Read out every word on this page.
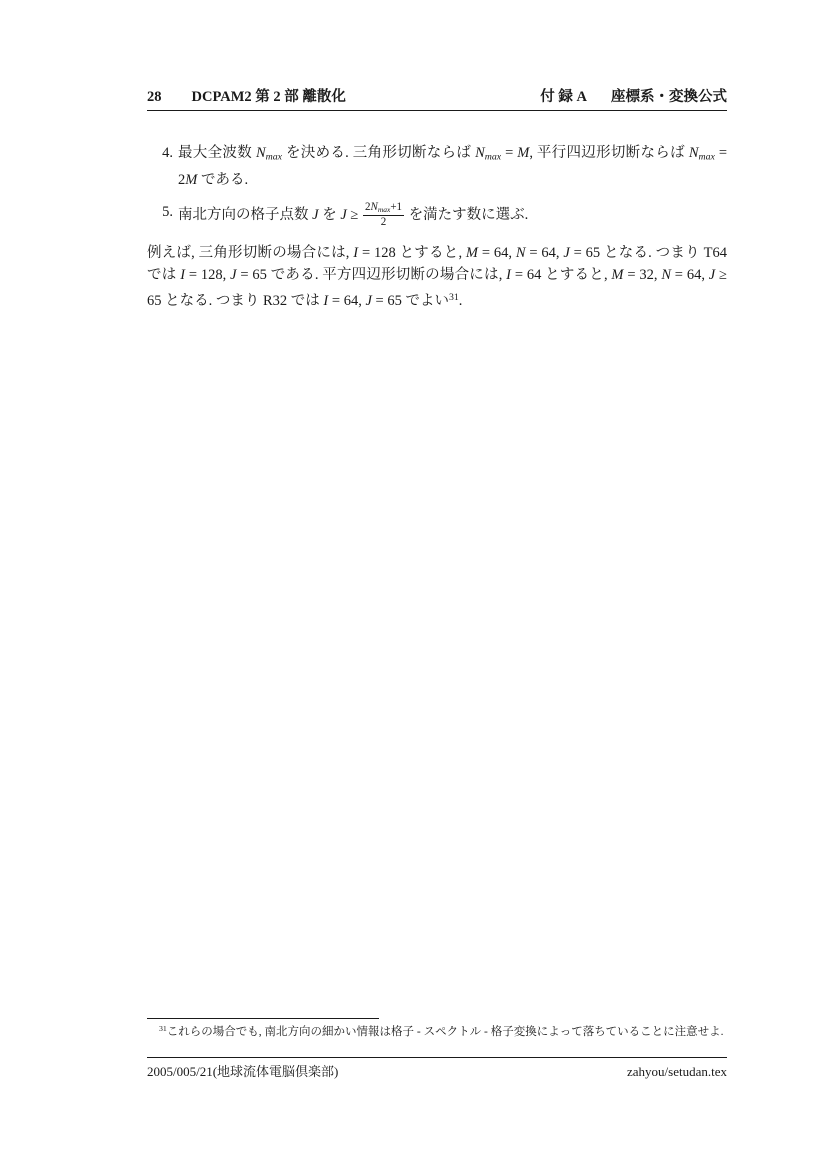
28 DCPAM2 第 2 部 離散化	付 録 A 座標系・変換公式
4. 最大全波数 Nmax を決める. 三角形切断ならば Nmax = M, 平行四辺形切断ならば Nmax = 2M である.
5. 南北方向の格子点数 J を $J \ge \frac{2Nmax+1}{2}$ を満たす数に選ぶ.
例えば, 三角形切断の場合には, I = 128 とすると, M = 64, N = 64, J = 65 となる. つまり T64 では I = 128, J = 65 である. 平方四辺形切断の場合には, I = 64 とすると, M = 32, N = 64, J ≥ 65 となる. つまり R32 では I = 64, J = 65 でよい$^{31}$.
$^{31}$これらの場合でも, 南北方向の細かい情報は格子 - スペクトル - 格子変換によって落ちていることに注意せよ.
2005/005/21(地球流体電脳倶楽部)	zahyou/setudan.tex
